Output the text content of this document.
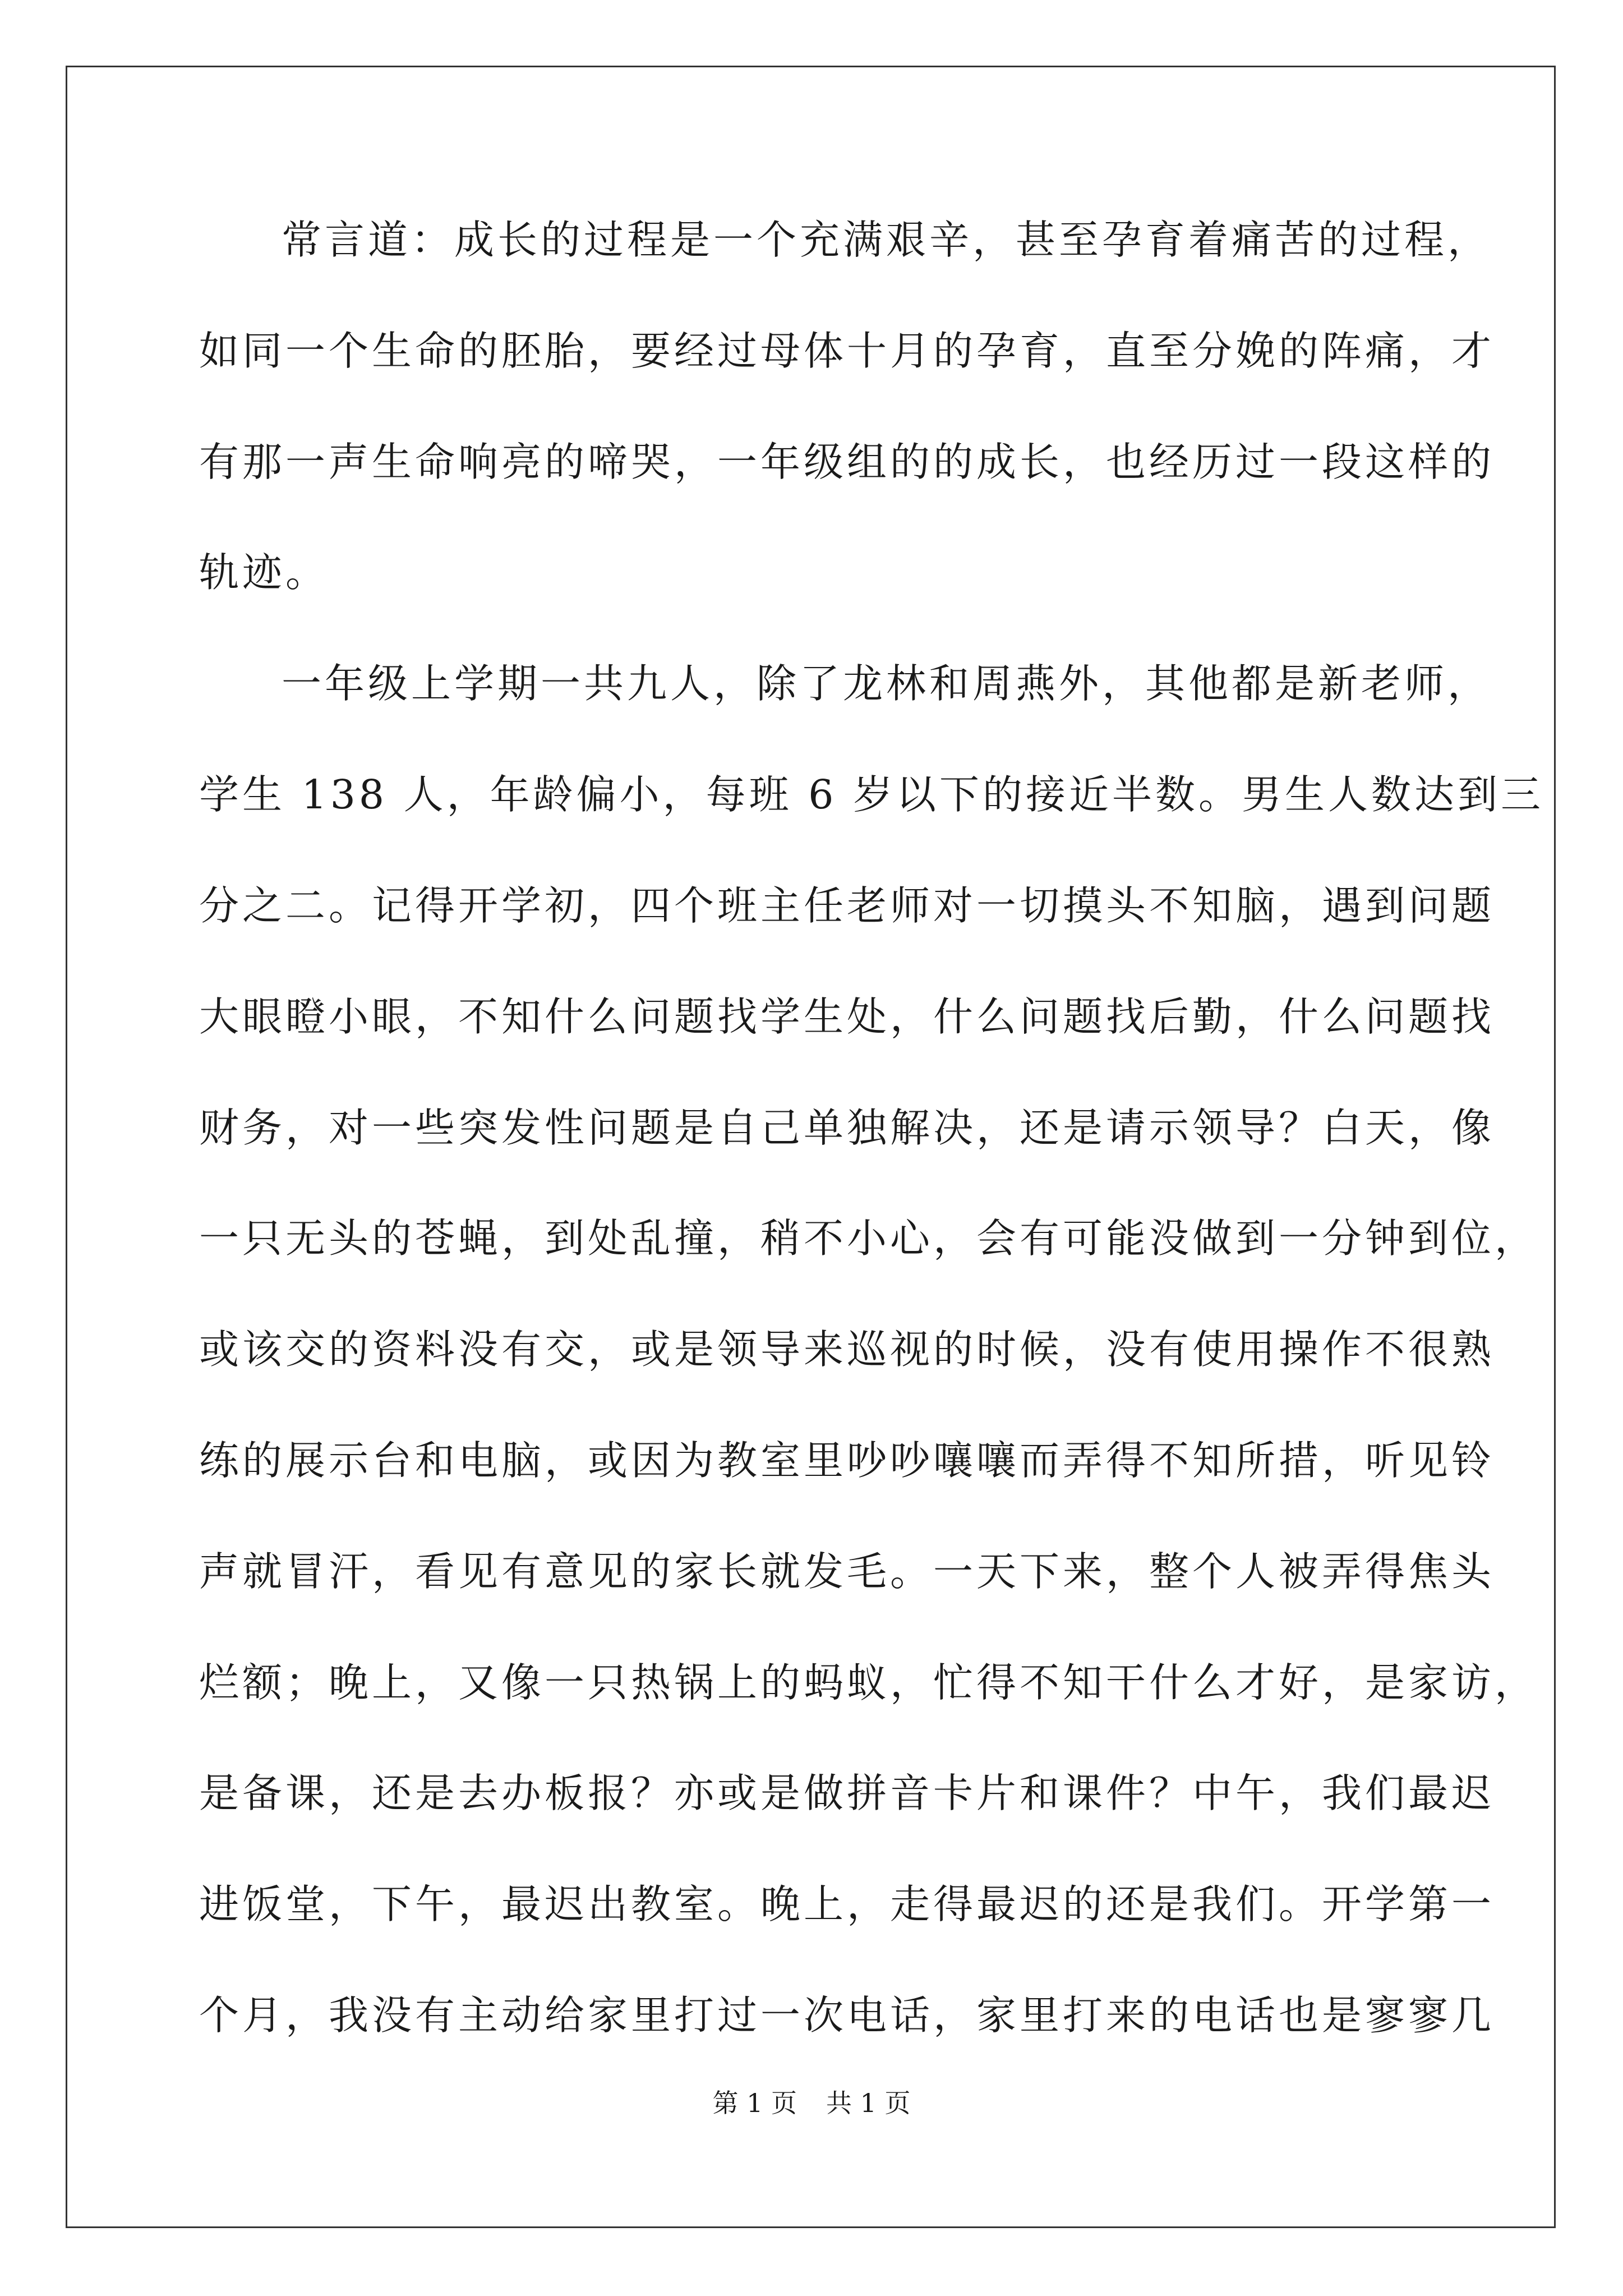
常言道：成长的过程是一个充满艰辛，甚至孕育着痛苦的过程，
如同一个生命的胚胎，要经过母体十月的孕育，直至分娩的阵痛，才
有那一声生命响亮的啼哭，一年级组的的成长，也经历过一段这样的
轨迹。
一年级上学期一共九人，除了龙林和周燕外，其他都是新老师，
学生 138 人，年龄偏小，每班 6 岁以下的接近半数。男生人数达到三
分之二。记得开学初，四个班主任老师对一切摸头不知脑，遇到问题
大眼瞪小眼，不知什么问题找学生处，什么问题找后勤，什么问题找
财务，对一些突发性问题是自己单独解决，还是请示领导？白天，像
一只无头的苍蝇，到处乱撞，稍不小心，会有可能没做到一分钟到位，
或该交的资料没有交，或是领导来巡视的时候，没有使用操作不很熟
练的展示台和电脑，或因为教室里吵吵嚷嚷而弄得不知所措，听见铃
声就冒汗，看见有意见的家长就发毛。一天下来，整个人被弄得焦头
烂额；晚上，又像一只热锅上的蚂蚁，忙得不知干什么才好，是家访，
是备课，还是去办板报？亦或是做拼音卡片和课件？中午，我们最迟
进饭堂，下午，最迟出教室。晚上，走得最迟的还是我们。开学第一
个月，我没有主动给家里打过一次电话，家里打来的电话也是寥寥几
第 1 页 共 1 页
